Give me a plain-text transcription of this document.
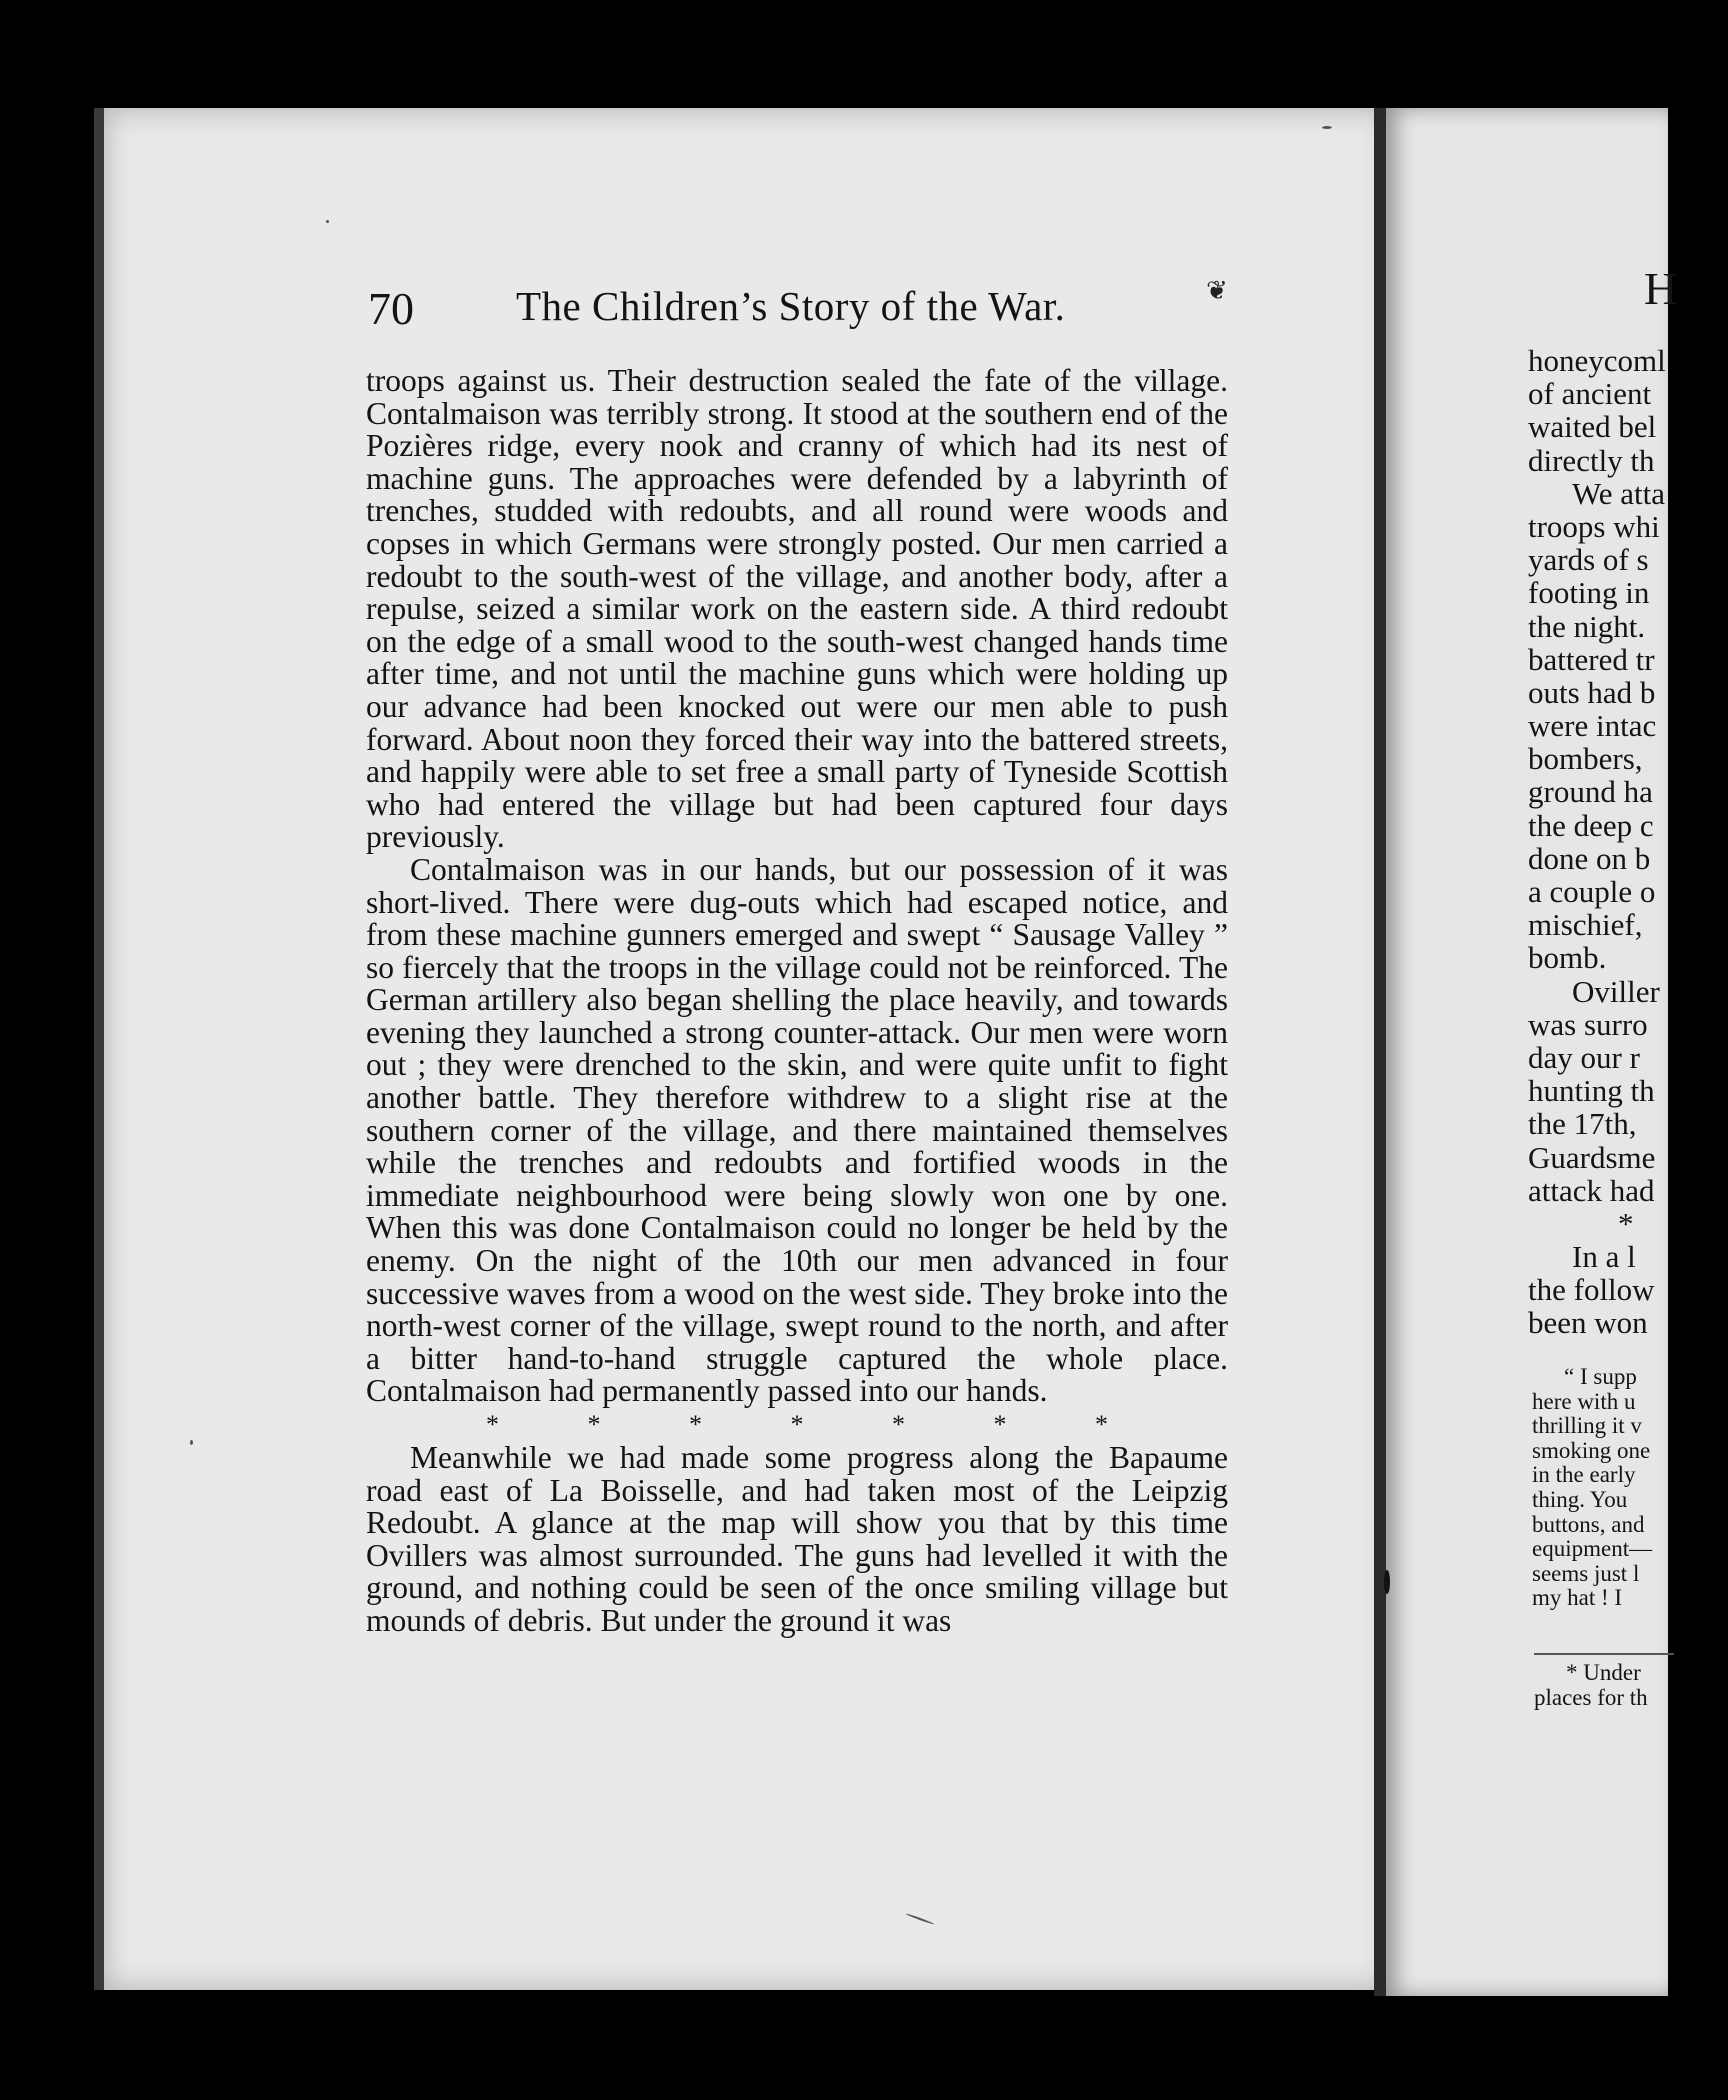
70 The Children’s Story of the War.	❦

troops against us. Their destruction sealed the fate of the village. Contalmaison was terribly strong. It stood at the southern end of the Pozières ridge, every nook and cranny of which had its nest of machine guns. The approaches were defended by a labyrinth of trenches, studded with redoubts, and all round were woods and copses in which Germans were strongly posted. Our men carried a redoubt to the south-west of the village, and another body, after a repulse, seized a similar work on the eastern side. A third redoubt on the edge of a small wood to the south-west changed hands time after time, and not until the machine guns which were holding up our advance had been knocked out were our men able to push forward. About noon they forced their way into the battered streets, and happily were able to set free a small party of Tyneside Scottish who had entered the village but had been captured four days previously.

Contalmaison was in our hands, but our possession of it was short-lived. There were dug-outs which had escaped notice, and from these machine gunners emerged and swept “ Sausage Valley ” so fiercely that the troops in the village could not be reinforced. The German artillery also began shelling the place heavily, and towards evening they launched a strong counter-attack. Our men were worn out ; they were drenched to the skin, and were quite unfit to fight another battle. They therefore withdrew to a slight rise at the southern corner of the village, and there maintained themselves while the trenches and redoubts and fortified woods in the immediate neighbourhood were being slowly won one by one. When this was done Contalmaison could no longer be held by the enemy. On the night of the 10th our men advanced in four successive waves from a wood on the west side. They broke into the north-west corner of the village, swept round to the north, and after a bitter hand-to-hand struggle captured the whole place. Contalmaison had permanently passed into our hands.

*	*	*	*	*	*	*

Meanwhile we had made some progress along the Bapaume road east of La Boisselle, and had taken most of the Leipzig Redoubt. A glance at the map will show you that by this time Ovillers was almost surrounded. The guns had levelled it with the ground, and nothing could be seen of the once smiling village but mounds of debris. But under the ground it was

H
honeycoml
of ancient
waited bel
directly th
We atta
troops whi
yards of s
footing in
the night.
battered tr
outs had b
were intac
bombers,
ground ha
the deep c
done on b
a couple o
mischief,
bomb.
Oviller
was surro
day our r
hunting th
the 17th,
Guardsme
attack had
*
In a l
the follow
been won
“ I supp
here with u
thrilling it v
smoking one
in the early
thing. You
buttons, and
equipment—
seems just l
my hat ! I
* Under
places for th
